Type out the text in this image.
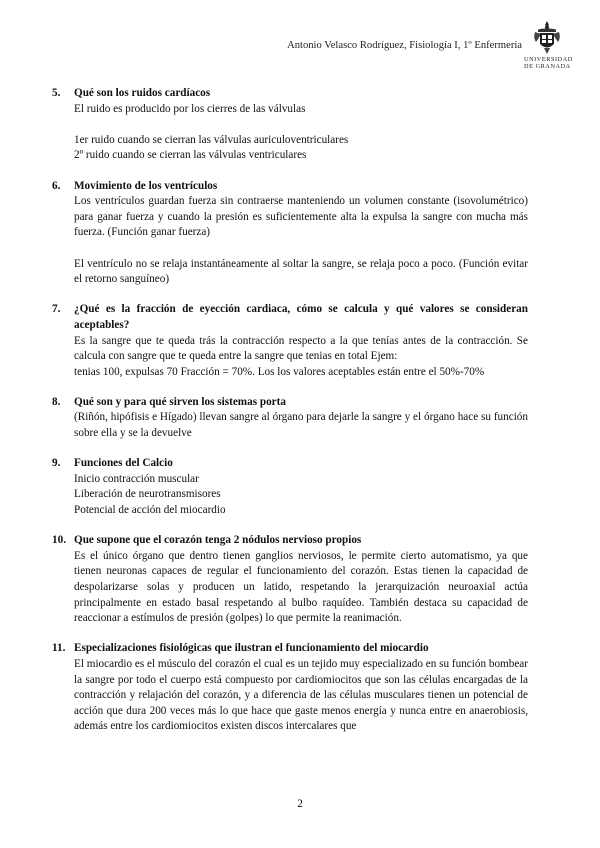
Antonio Velasco Rodríguez, Fisiología I, 1º Enfermería
UNIVERSIDAD
DE GRANADA
5.	Qué son los ruidos cardíacos
El ruido es producido por los cierres de las válvulas
1er ruido cuando se cierran las válvulas auriculoventriculares
2º ruido cuando se cierran las válvulas ventriculares
6.	Movimiento de los ventrículos
Los ventrículos guardan fuerza sin contraerse manteniendo un volumen constante (isovolumétrico) para ganar fuerza y cuando la presión es suficientemente alta la expulsa la sangre con mucha más fuerza. (Función ganar fuerza)
El ventrículo no se relaja instantáneamente al soltar la sangre, se relaja poco a poco. (Función evitar el retorno sanguíneo)
7.	¿Qué es la fracción de eyección cardiaca, cómo se calcula y qué valores se consideran aceptables?
Es la sangre que te queda trás la contracción respecto a la que tenías antes de la contracción. Se calcula con sangre que te queda entre la sangre que tenias en total Ejem:
tenias 100, expulsas 70 Fracción = 70%. Los los valores aceptables están entre el 50%-70%
8.	Qué son y para qué sirven los sistemas porta
(Riñón, hipófisis e Hígado) llevan sangre al órgano para dejarle la sangre y el órgano hace su función sobre ella y se la devuelve
9.	Funciones del Calcio
Inicio contracción muscular
Liberación de neurotransmisores
Potencial de acción del miocardio
10. Que supone que el corazón tenga 2 nódulos nervioso propios
Es el único órgano que dentro tienen ganglios nerviosos, le permite cierto automatismo, ya que tienen neuronas capaces de regular el funcionamiento del corazón. Estas tienen la capacidad de despolarizarse solas y producen un latido, respetando la jerarquización neuroaxial actúa principalmente en estado basal respetando al bulbo raquídeo. También destaca su capacidad de reaccionar a estímulos de presión (golpes) lo que permite la reanimación.
11. Especializaciones fisiológicas que ilustran el funcionamiento del miocardio
El miocardio es el músculo del corazón el cual es un tejido muy especializado en su función bombear la sangre por todo el cuerpo está compuesto por cardiomiocitos que son las células encargadas de la contracción y relajación del corazón, y a diferencia de las células musculares tienen un potencial de acción que dura 200 veces más lo que hace que gaste menos energía y nunca entre en anaerobiosis, además entre los cardiomiocitos existen discos intercalares que
2
